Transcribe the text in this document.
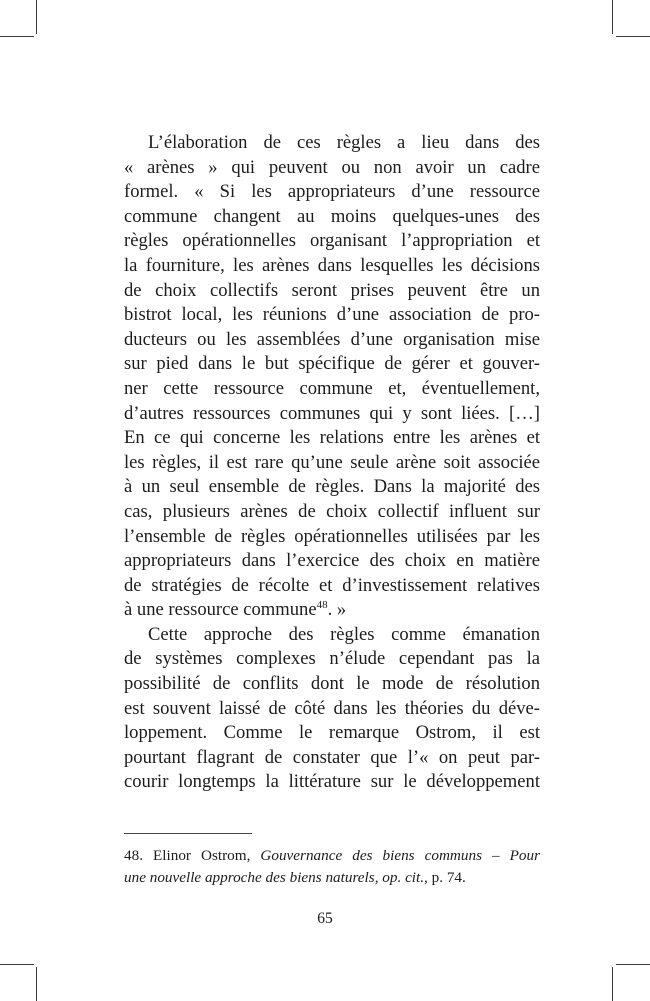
L’élaboration de ces règles a lieu dans des
« arènes » qui peuvent ou non avoir un cadre
formel. « Si les appropriateurs d’une ressource
commune changent au moins quelques-unes des
règles opérationnelles organisant l’appropriation et
la fourniture, les arènes dans lesquelles les décisions
de choix collectifs seront prises peuvent être un
bistrot local, les réunions d’une association de pro-
ducteurs ou les assemblées d’une organisation mise
sur pied dans le but spécifique de gérer et gouver-
ner cette ressource commune et, éventuellement,
d’autres ressources communes qui y sont liées. […]
En ce qui concerne les relations entre les arènes et
les règles, il est rare qu’une seule arène soit associée
à un seul ensemble de règles. Dans la majorité des
cas, plusieurs arènes de choix collectif influent sur
l’ensemble de règles opérationnelles utilisées par les
appropriateurs dans l’exercice des choix en matière
de stratégies de récolte et d’investissement relatives
à une ressource commune$^{48}$. »
Cette approche des règles comme émanation
de systèmes complexes n’élude cependant pas la
possibilité de conflits dont le mode de résolution
est souvent laissé de côté dans les théories du déve-
loppement. Comme le remarque Ostrom, il est
pourtant flagrant de constater que l’« on peut par-
courir longtemps la littérature sur le développement
48. Elinor Ostrom, Gouvernance des biens communs – Pour
une nouvelle approche des biens naturels, op. cit., p. 74.
65
